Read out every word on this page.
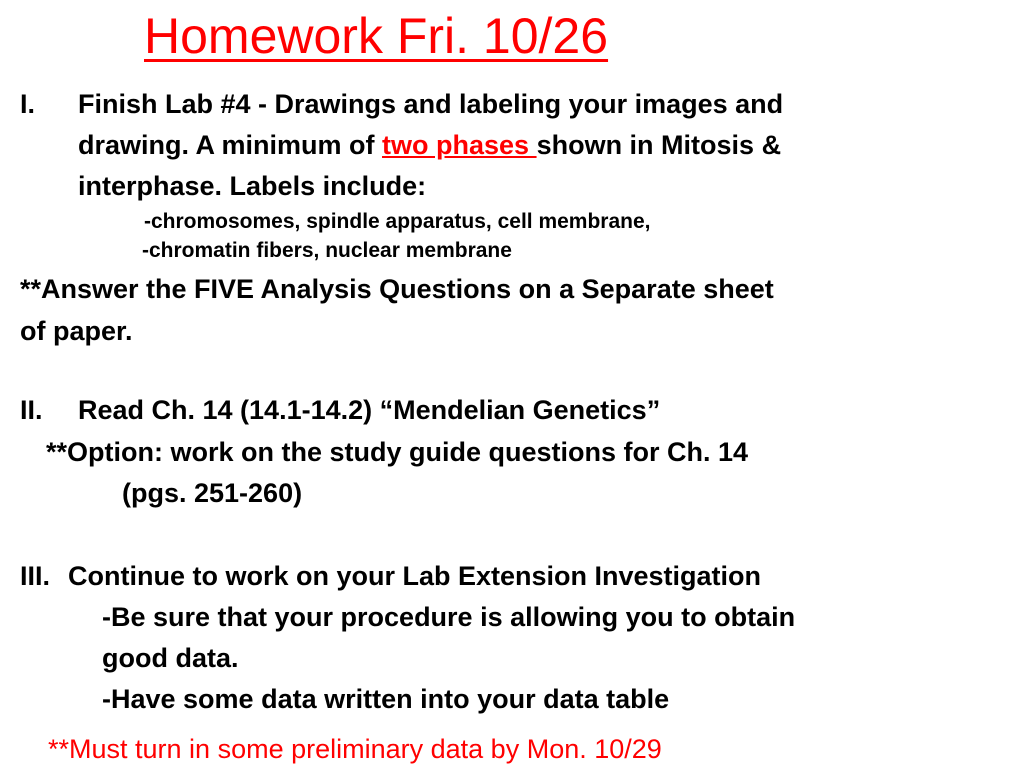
Homework Fri. 10/26
I. Finish Lab #4 - Drawings and labeling your images and
drawing. A minimum of two phases shown in Mitosis &
interphase. Labels include:
-chromosomes, spindle apparatus, cell membrane,
-chromatin fibers, nuclear membrane
**Answer the FIVE Analysis Questions on a Separate sheet
of paper.
II. Read Ch. 14 (14.1-14.2) “Mendelian Genetics”
**Option: work on the study guide questions for Ch. 14
(pgs. 251-260)
III. Continue to work on your Lab Extension Investigation
-Be sure that your procedure is allowing you to obtain
good data.
-Have some data written into your data table
**Must turn in some preliminary data by Mon. 10/29
